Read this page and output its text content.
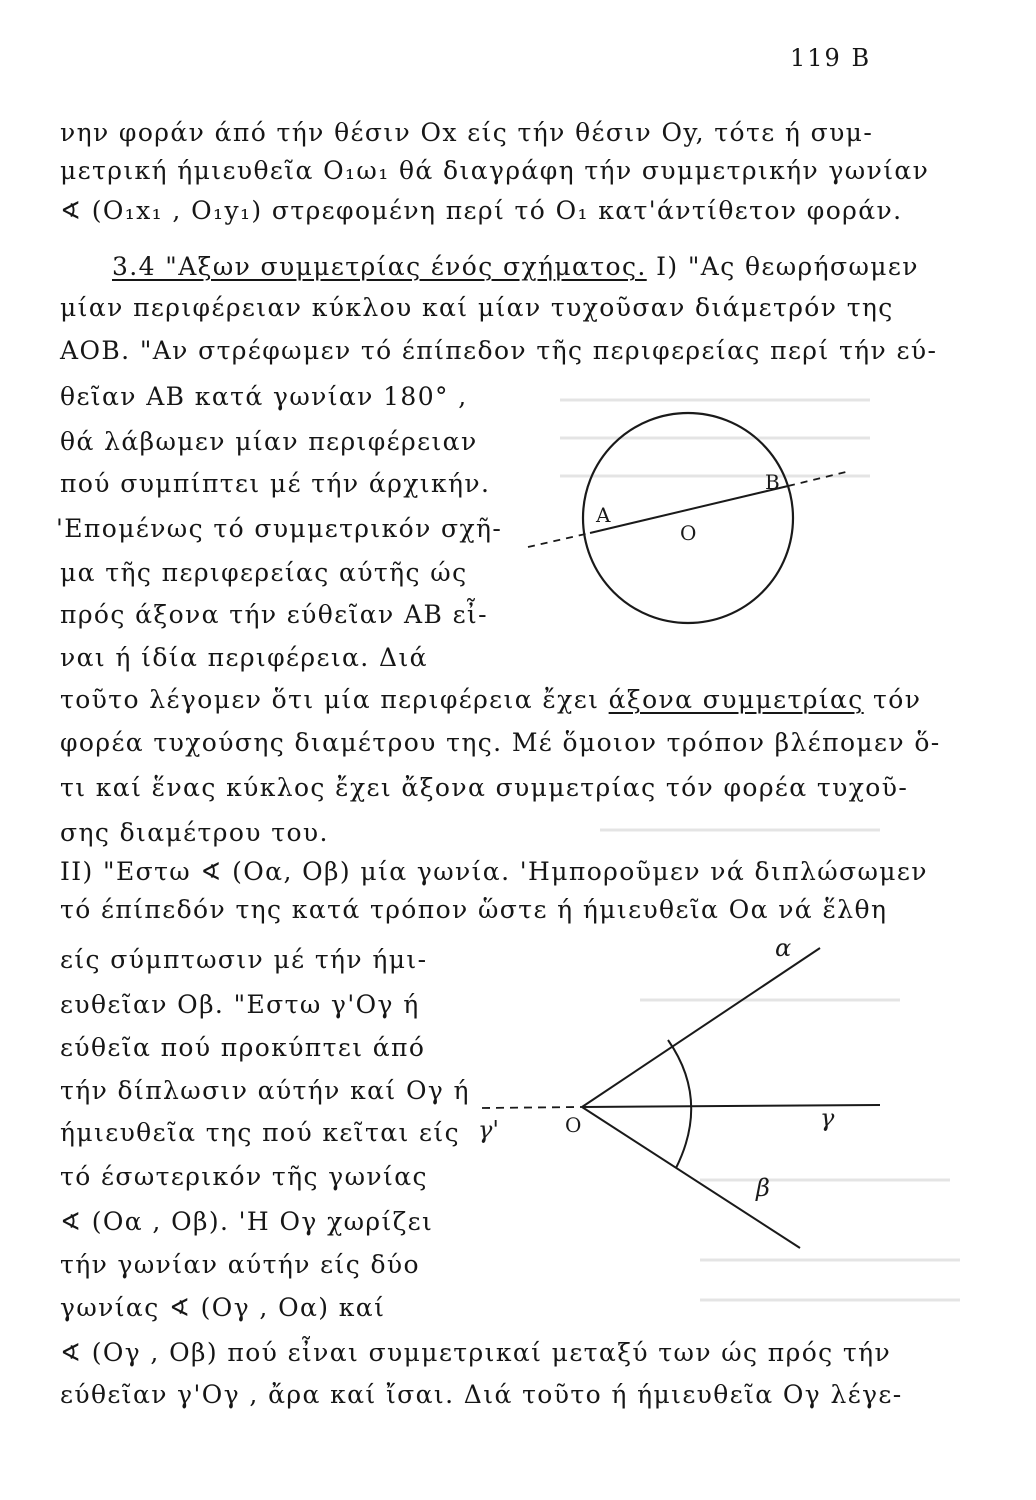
119 B
νην φοράν άπό τήν θέσιν Οx είς τήν θέσιν Οy, τότε ή συμ-
μετρική ήμιευθεῖα Ο₁ω₁ θά διαγράφη τήν συμμετρικήν γωνίαν
∢ (Ο₁x₁ , Ο₁y₁) στρεφομένη περί τό Ο₁ κατ'άντίθετον φοράν.
3.4 "Αξων συμμετρίας ένός σχήματος. Ι) "Ας θεωρήσωμεν
μίαν περιφέρειαν κύκλου καί μίαν τυχοῦσαν διάμετρόν της
ΑΟΒ. "Αν στρέφωμεν τό έπίπεδον τῆς περιφερείας περί τήν εύ-
θεῖαν ΑΒ κατά γωνίαν 180° ,
θά λάβωμεν μίαν περιφέρειαν
πού συμπίπτει μέ τήν άρχικήν.
'Επομένως τό συμμετρικόν σχῆ-
μα τῆς περιφερείας αύτῆς ώς
πρός άξονα τήν εύθεῖαν ΑΒ εἶ-
ναι ή ίδία περιφέρεια. Διά
τοῦτο λέγομεν ὅτι μία περιφέρεια ἔχει άξονα συμμετρίας τόν
φορέα τυχούσης διαμέτρου της. Μέ ὅμοιον τρόπον βλέπομεν ὅ-
τι καί ἕνας κύκλος ἔχει ἄξονα συμμετρίας τόν φορέα τυχοῦ-
σης διαμέτρου του.
ΙΙ) "Εστω ∢ (Οα, Οβ) μία γωνία. 'Ημποροῦμεν νά διπλώσωμεν
τό έπίπεδόν της κατά τρόπον ὥστε ή ήμιευθεῖα Οα νά ἕλθη
είς σύμπτωσιν μέ τήν ήμι-
ευθεῖαν Οβ. "Εστω γ'Ογ ή
εύθεῖα πού προκύπτει άπό
τήν δίπλωσιν αύτήν καί Ογ ή
ήμιευθεῖα της πού κεῖται είς
τό έσωτερικόν τῆς γωνίας
∢ (Οα , Οβ). 'Η Ογ χωρίζει
τήν γωνίαν αύτήν είς δύο
γωνίας ∢ (Ογ , Οα) καί
∢ (Ογ , Οβ) πού εἶναι συμμετρικαί μεταξύ των ώς πρός τήν
εύθεῖαν γ'Ογ , ἄρα καί ἴσαι. Διά τοῦτο ή ήμιευθεῖα Ογ λέγε-
A
B
O
α
β
γ
γ'	O
